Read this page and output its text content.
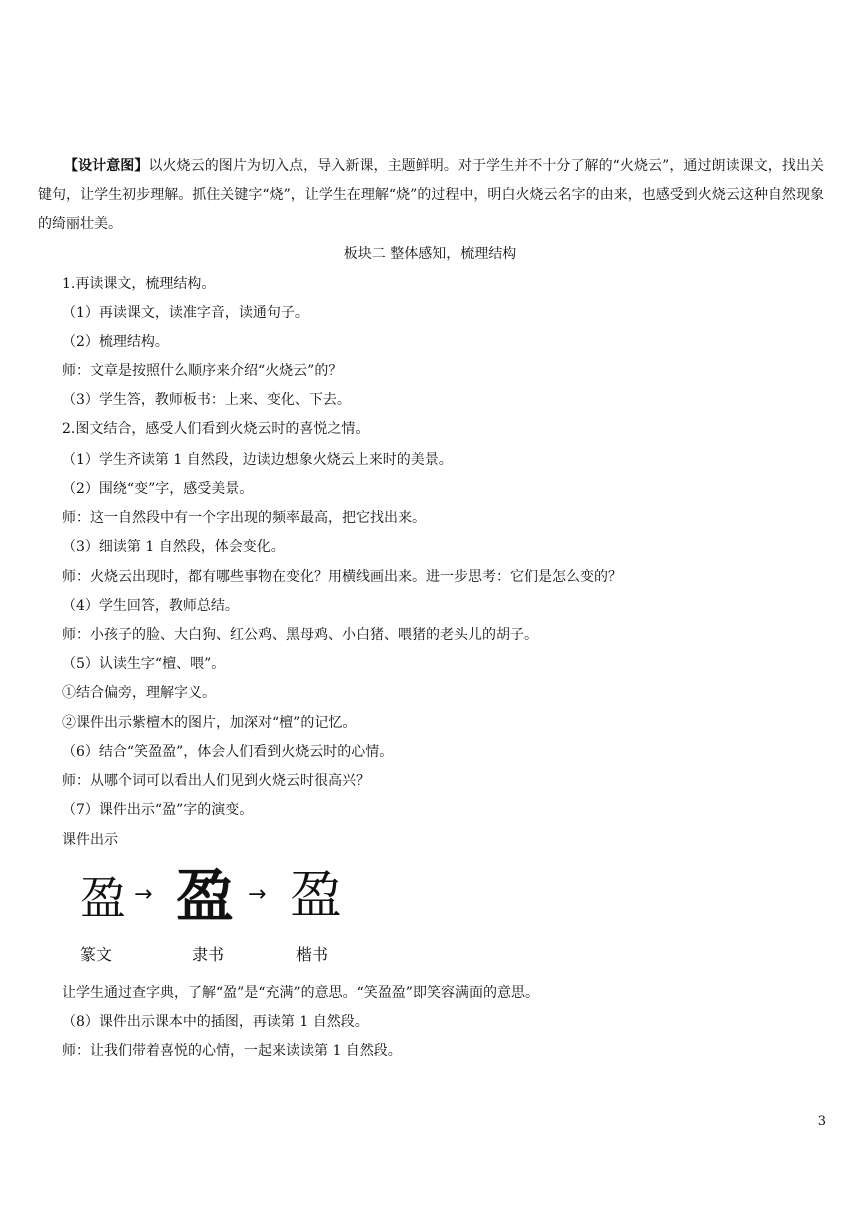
【设计意图】以火烧云的图片为切入点，导入新课，主题鲜明。对于学生并不十分了解的“火烧云”，通过朗读课文，找出关键句，让学生初步理解。抓住关键字“烧”，让学生在理解“烧”的过程中，明白火烧云名字的由来，也感受到火烧云这种自然现象的绮丽壮美。
板块二 整体感知，梳理结构
1.再读课文，梳理结构。
（1）再读课文，读准字音，读通句子。
（2）梳理结构。
师：文章是按照什么顺序来介绍“火烧云”的？
（3）学生答，教师板书：上来、变化、下去。
2.图文结合，感受人们看到火烧云时的喜悦之情。
（1）学生齐读第 1 自然段，边读边想象火烧云上来时的美景。
（2）围绕“变”字，感受美景。
师：这一自然段中有一个字出现的频率最高，把它找出来。
（3）细读第 1 自然段，体会变化。
师：火烧云出现时，都有哪些事物在变化？用横线画出来。进一步思考：它们是怎么变的？
（4）学生回答，教师总结。
师：小孩子的脸、大白狗、红公鸡、黑母鸡、小白猪、喂猪的老头儿的胡子。
（5）认读生字“檀、喂”。
①结合偏旁，理解字义。
②课件出示紫檀木的图片，加深对“檀”的记忆。
（6）结合“笑盈盈”，体会人们看到火烧云时的心情。
师：从哪个词可以看出人们见到火烧云时很高兴？
（7）课件出示“盈”字的演变。
课件出示
盈 → 盈 → 盈
篆文	隶书	楷书
让学生通过查字典，了解“盈”是“充满”的意思。“笑盈盈”即笑容满面的意思。
（8）课件出示课本中的插图，再读第 1 自然段。
师：让我们带着喜悦的心情，一起来读读第 1 自然段。
3
